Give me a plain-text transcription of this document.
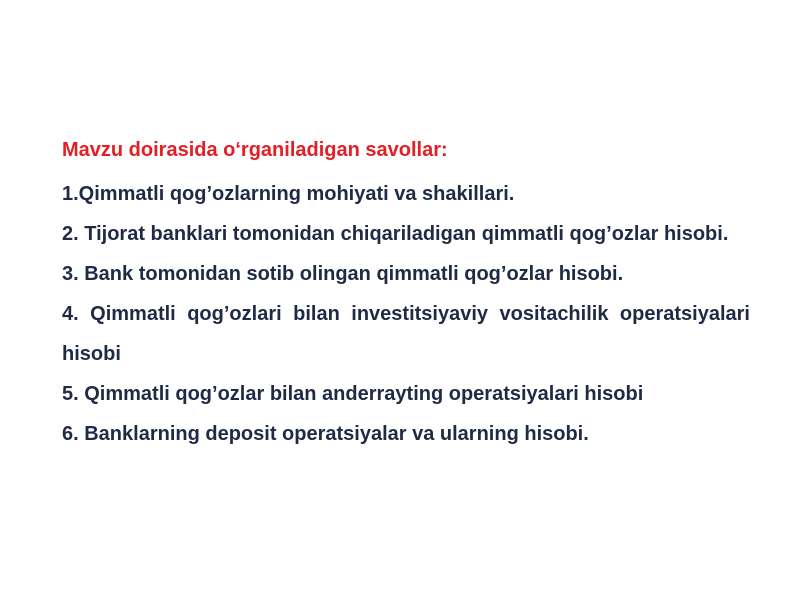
Mavzu doirasida o‘rganiladigan savollar:

1.Qimmatli qog’ozlarning mohiyati va shakillari.

2. Tijorat banklari tomonidan chiqariladigan qimmatli qog’ozlar hisobi.

3. Bank tomonidan sotib olingan qimmatli qog’ozlar hisobi.

4. Qimmatli qog’ozlari bilan investitsiyaviy vositachilik operatsiyalari hisobi

5. Qimmatli qog’ozlar bilan anderrayting operatsiyalari hisobi

6. Banklarning deposit operatsiyalar va ularning hisobi.
